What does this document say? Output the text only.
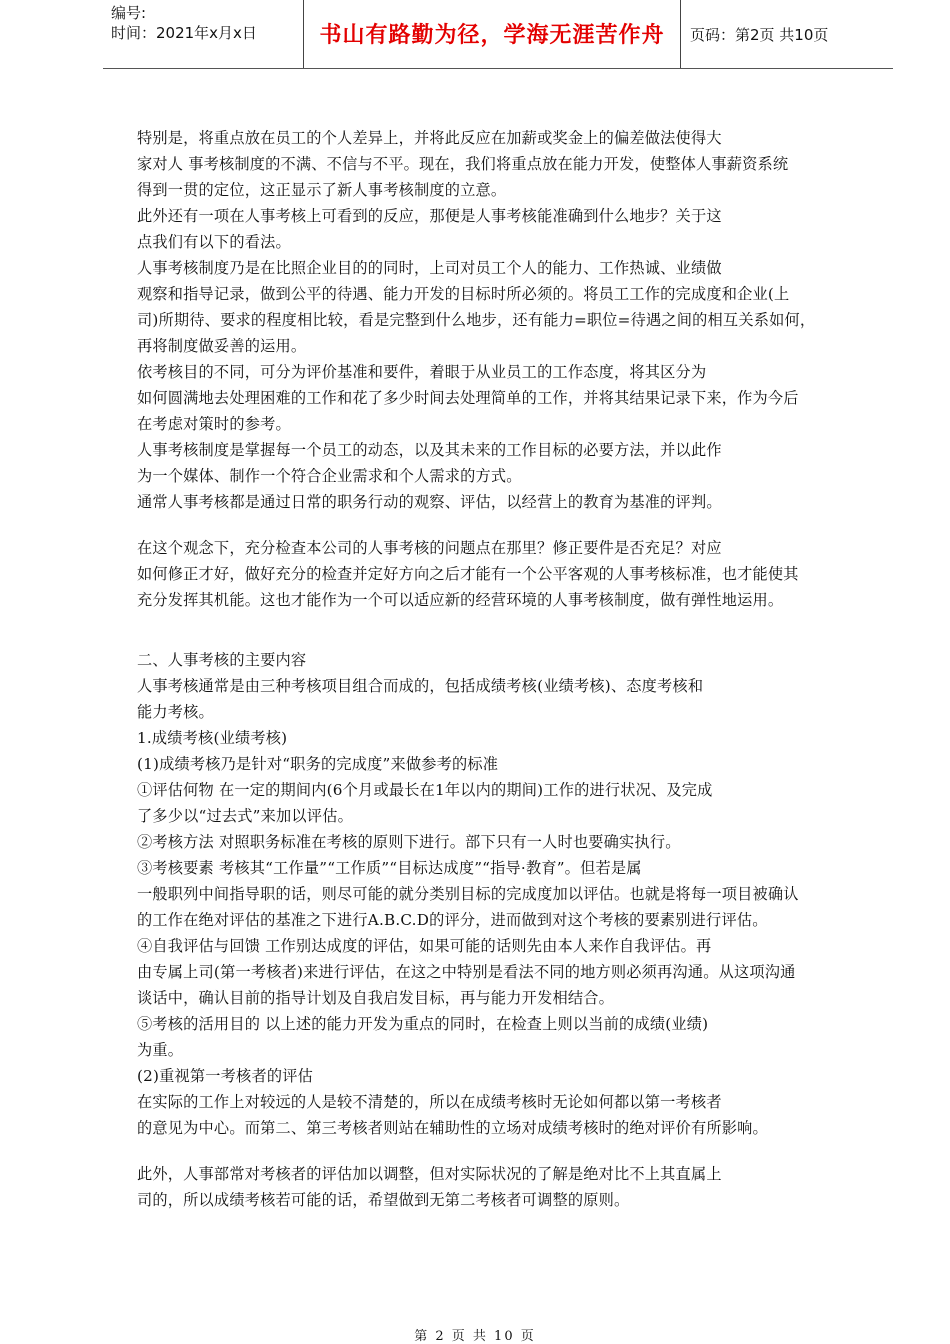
编号:
时间：2021年x月x日	书山有路勤为径，学海无涯苦作舟	页码：第2页 共10页
特别是，将重点放在员工的个人差异上，并将此反应在加薪或奖金上的偏差做法使得大
家对人 事考核制度的不满、不信与不平。现在，我们将重点放在能力开发，使整体人事薪资系统
得到一贯的定位，这正显示了新人事考核制度的立意。
此外还有一项在人事考核上可看到的反应，那便是人事考核能准确到什么地步？关于这
点我们有以下的看法。
人事考核制度乃是在比照企业目的的同时，上司对员工个人的能力、工作热诚、业绩做
观察和指导记录，做到公平的待遇、能力开发的目标时所必须的。将员工工作的完成度和企业(上
司)所期待、要求的程度相比较，看是完整到什么地步，还有能力=职位=待遇之间的相互关系如何，
再将制度做妥善的运用。
依考核目的不同，可分为评价基准和要件，着眼于从业员工的工作态度，将其区分为
如何圆满地去处理困难的工作和花了多少时间去处理简单的工作，并将其结果记录下来，作为今后
在考虑对策时的参考。
人事考核制度是掌握每一个员工的动态，以及其未来的工作目标的必要方法，并以此作
为一个媒体、制作一个符合企业需求和个人需求的方式。
通常人事考核都是通过日常的职务行动的观察、评估，以经营上的教育为基准的评判。
在这个观念下，充分检查本公司的人事考核的问题点在那里？修正要件是否充足？对应
如何修正才好，做好充分的检查并定好方向之后才能有一个公平客观的人事考核标准，也才能使其
充分发挥其机能。这也才能作为一个可以适应新的经营环境的人事考核制度，做有弹性地运用。
二、人事考核的主要内容
人事考核通常是由三种考核项目组合而成的，包括成绩考核(业绩考核)、态度考核和
能力考核。
1.成绩考核(业绩考核)
(1)成绩考核乃是针对“职务的完成度”来做参考的标准
①评估何物 在一定的期间内(6个月或最长在1年以内的期间)工作的进行状况、及完成
了多少以“过去式”来加以评估。
②考核方法 对照职务标准在考核的原则下进行。部下只有一人时也要确实执行。
③考核要素 考核其“工作量”“工作质”“目标达成度”“指导·教育”。但若是属
一般职列中间指导职的话，则尽可能的就分类别目标的完成度加以评估。也就是将每一项目被确认
的工作在绝对评估的基准之下进行A.B.C.D的评分，进而做到对这个考核的要素别进行评估。
④自我评估与回馈 工作别达成度的评估，如果可能的话则先由本人来作自我评估。再
由专属上司(第一考核者)来进行评估，在这之中特别是看法不同的地方则必须再沟通。从这项沟通
谈话中，确认目前的指导计划及自我启发目标，再与能力开发相结合。
⑤考核的活用目的 以上述的能力开发为重点的同时，在检查上则以当前的成绩(业绩)
为重。
(2)重视第一考核者的评估
在实际的工作上对较远的人是较不清楚的，所以在成绩考核时无论如何都以第一考核者
的意见为中心。而第二、第三考核者则站在辅助性的立场对成绩考核时的绝对评价有所影响。
此外，人事部常对考核者的评估加以调整，但对实际状况的了解是绝对比不上其直属上
司的，所以成绩考核若可能的话，希望做到无第二考核者可调整的原则。
第 2 页 共 10 页
